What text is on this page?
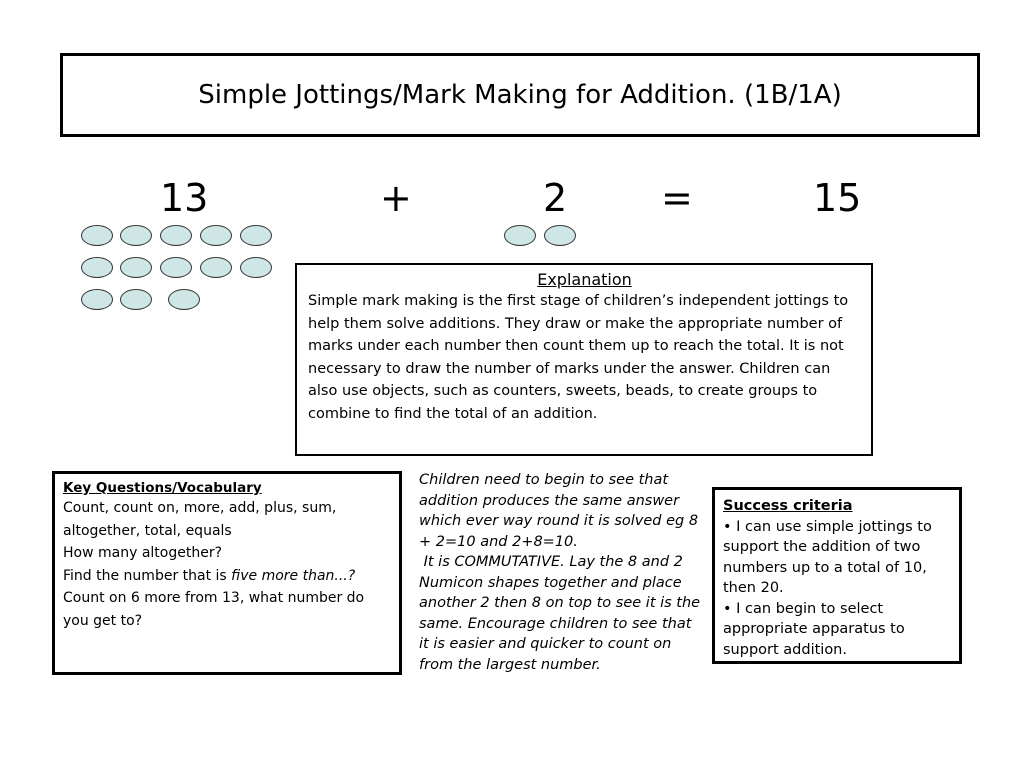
Simple Jottings/Mark Making for Addition. (1B/1A)
13	+	2 =	15
Explanation

Simple mark making is the first stage of children’s independent jottings to help them solve additions. They draw or make the appropriate number of marks under each number then count them up to reach the total. It is not necessary to draw the number of marks under the answer. Children can also use objects, such as counters, sweets, beads, to create groups to combine to find the total of an addition.

Key Questions/Vocabulary

Count, count on, more, add, plus, sum, altogether, total, equals

How many altogether?

Find the number that is five more than...?

Count on 6 more from 13, what number do you get to?

Children need to begin to see that addition produces the same answer which ever way round it is solved eg 8 + 2=10 and 2+8=10.

It is COMMUTATIVE. Lay the 8 and 2 Numicon shapes together and place another 2 then 8 on top to see it is the same. Encourage children to see that it is easier and quicker to count on from the largest number.

Success criteria

• I can use simple jottings to support the addition of two numbers up to a total of 10, then 20.

• I can begin to select appropriate apparatus to support addition.
